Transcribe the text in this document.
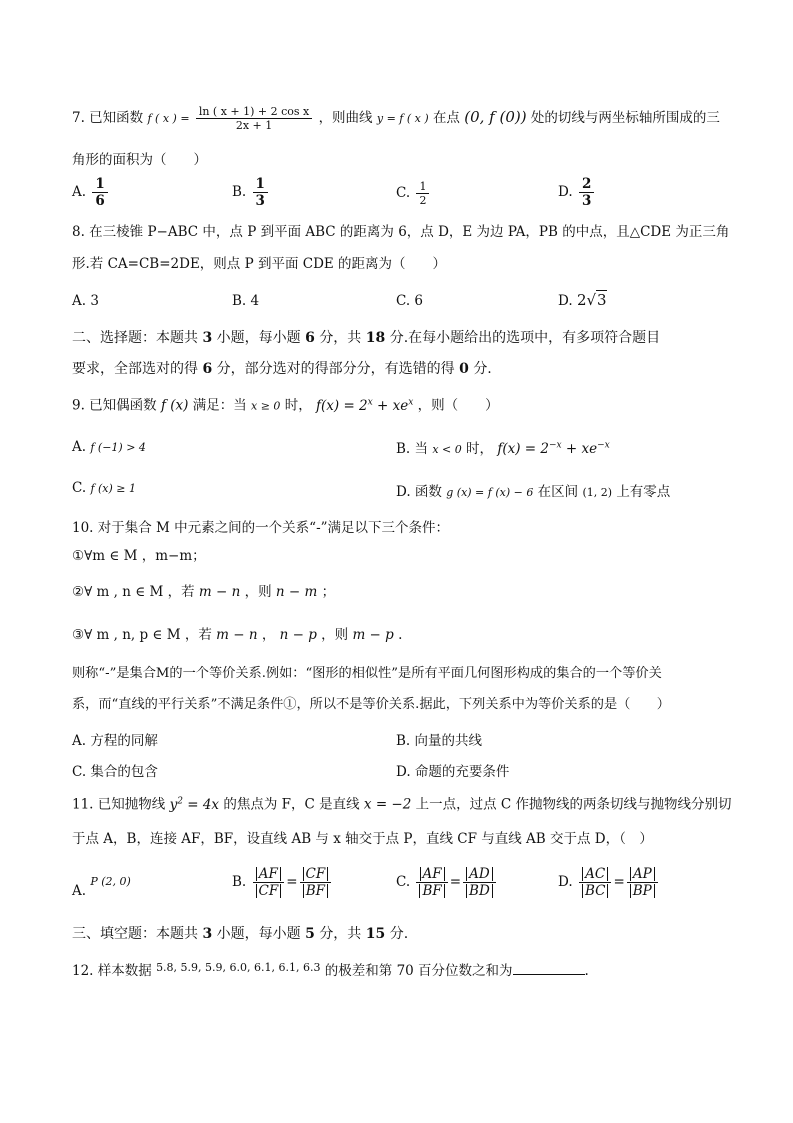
7. 已知函数 f ( x ) = $\frac{\text{ln ( x + 1) + 2 cos x}}{2x + 1}$ ，则曲线 y = f ( x ) 在点 (0, f (0)) 处的切线与两坐标轴所围成的三
角形的面积为（　　）
A. $\frac{1}{6}$	B. $\frac{1}{3}$	C. $\frac{1}{2}$	D. $\frac{2}{3}$
8. 在三棱锥 P−ABC 中，点 P 到平面 ABC 的距离为 6，点 D，E 为边 PA，PB 的中点，且△CDE 为正三角
形.若 CA=CB=2DE，则点 P 到平面 CDE 的距离为（　　）
A. 3	B. 4	C. 6	D. 2√3
二、选择题：本题共 3 小题，每小题 6 分，共 18 分.在每小题给出的选项中，有多项符合题目
要求，全部选对的得 6 分，部分选对的得部分分，有选错的得 0 分.
9. 已知偶函数 f (x) 满足：当 x ≥ 0 时， $f(x) = 2^x + xe^x$ ，则（　　）
A. f (−1) > 4	B. 当 x < 0 时， $f(x) = 2^{-x} + xe^{-x}$
C. f (x) ≥ 1	D. 函数 g (x) = f (x) − 6 在区间 (1, 2) 上有零点
10. 对于集合 M 中元素之间的一个关系“-”满足以下三个条件：
①∀m ∈ M ，m−m；
②∀ m , n ∈ M ，若 m − n ，则 n − m ；
③∀ m , n, p ∈ M ，若 m − n ， n − p ，则 m − p .
则称“-”是集合M的一个等价关系.例如：“图形的相似性”是所有平面几何图形构成的集合的一个等价关
系，而“直线的平行关系”不满足条件①，所以不是等价关系.据此，下列关系中为等价关系的是（　　）
A. 方程的同解	B. 向量的共线
C. 集合的包含	D. 命题的充要条件
11. 已知抛物线 $y^2 = 4x$ 的焦点为 F，C 是直线 x = −2 上一点，过点 C 作抛物线的两条切线与抛物线分别切
于点 A，B，连接 AF，BF，设直线 AB 与 x 轴交于点 P，直线 CF 与直线 AB 交于点 D，（　）
A. $^{P (2, 0)}$	B. $\frac{AF}{CF} = \frac{CF}{BF}$	C. $\frac{AF}{BF} = \frac{AD}{BD}$	D. $\frac{AC}{BC} = \frac{AP}{BP}$
三、填空题：本题共 3 小题，每小题 5 分，共 15 分.
12. 样本数据 $^{5.8, 5.9, 5.9, 6.0, 6.1, 6.1, 6.3}$ 的极差和第 70 百分位数之和为	.
